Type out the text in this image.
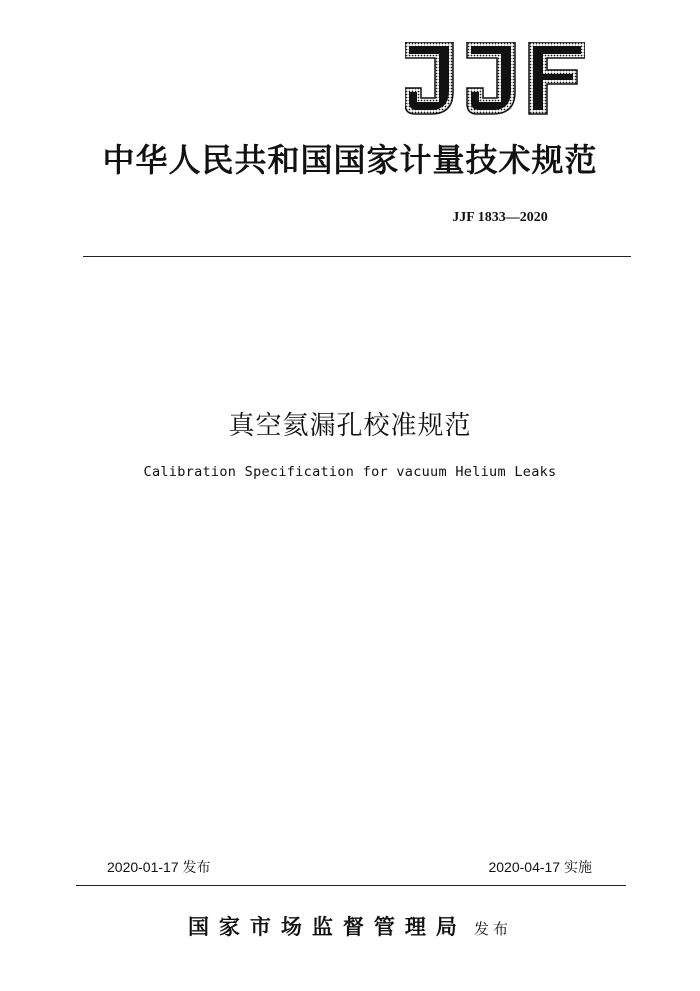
中华人民共和国国家计量技术规范
JJF 1833—2020
真空氦漏孔校准规范
Calibration Specification for vacuum Helium Leaks
2020-01-17 发布	2020-04-17 实施
国家市场监督管理局 发布
